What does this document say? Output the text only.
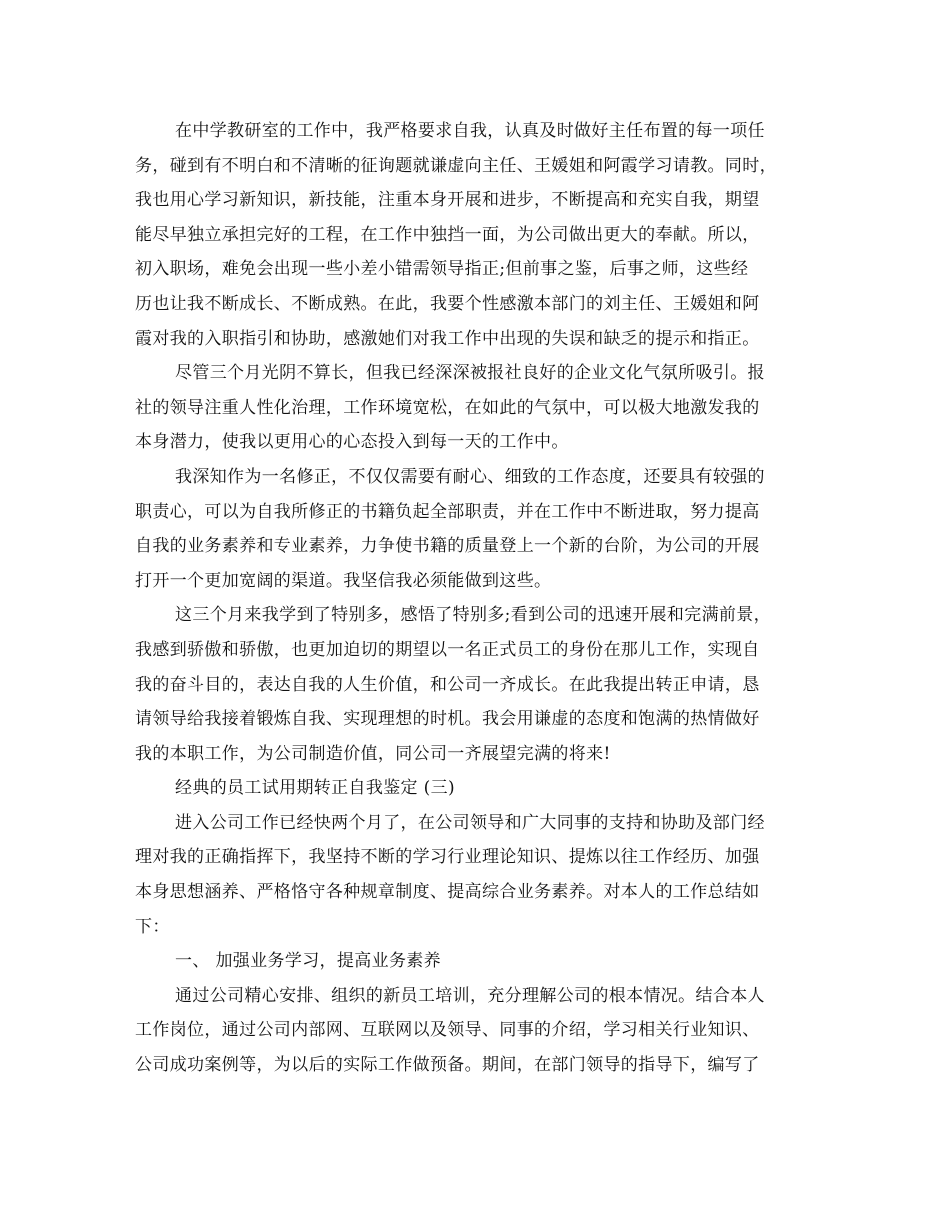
在中学教研室的工作中，我严格要求自我，认真及时做好主任布置的每一项任
务，碰到有不明白和不清晰的征询题就谦虚向主任、王媛姐和阿霞学习请教。同时，
我也用心学习新知识，新技能，注重本身开展和进步，不断提高和充实自我，期望
能尽早独立承担完好的工程，在工作中独挡一面，为公司做出更大的奉献。所以，
初入职场，难免会出现一些小差小错需领导指正;但前事之鉴，后事之师，这些经
历也让我不断成长、不断成熟。在此，我要个性感激本部门的刘主任、王媛姐和阿
霞对我的入职指引和协助，感激她们对我工作中出现的失误和缺乏的提示和指正。
尽管三个月光阴不算长，但我已经深深被报社良好的企业文化气氛所吸引。报
社的领导注重人性化治理，工作环境宽松，在如此的气氛中，可以极大地激发我的
本身潜力，使我以更用心的心态投入到每一天的工作中。
我深知作为一名修正，不仅仅需要有耐心、细致的工作态度，还要具有较强的
职责心，可以为自我所修正的书籍负起全部职责，并在工作中不断进取，努力提高
自我的业务素养和专业素养，力争使书籍的质量登上一个新的台阶，为公司的开展
打开一个更加宽阔的渠道。我坚信我必须能做到这些。
这三个月来我学到了特别多，感悟了特别多;看到公司的迅速开展和完满前景，
我感到骄傲和骄傲，也更加迫切的期望以一名正式员工的身份在那儿工作，实现自
我的奋斗目的，表达自我的人生价值，和公司一齐成长。在此我提出转正申请，恳
请领导给我接着锻炼自我、实现理想的时机。我会用谦虚的态度和饱满的热情做好
我的本职工作，为公司制造价值，同公司一齐展望完满的将来!
经典的员工试用期转正自我鉴定 (三)
进入公司工作已经快两个月了，在公司领导和广大同事的支持和协助及部门经
理对我的正确指挥下，我坚持不断的学习行业理论知识、提炼以往工作经历、加强
本身思想涵养、严格恪守各种规章制度、提高综合业务素养。对本人的工作总结如
下：
一、 加强业务学习，提高业务素养
通过公司精心安排、组织的新员工培训，充分理解公司的根本情况。结合本人
工作岗位，通过公司内部网、互联网以及领导、同事的介绍，学习相关行业知识、
公司成功案例等，为以后的实际工作做预备。期间，在部门领导的指导下，编写了
